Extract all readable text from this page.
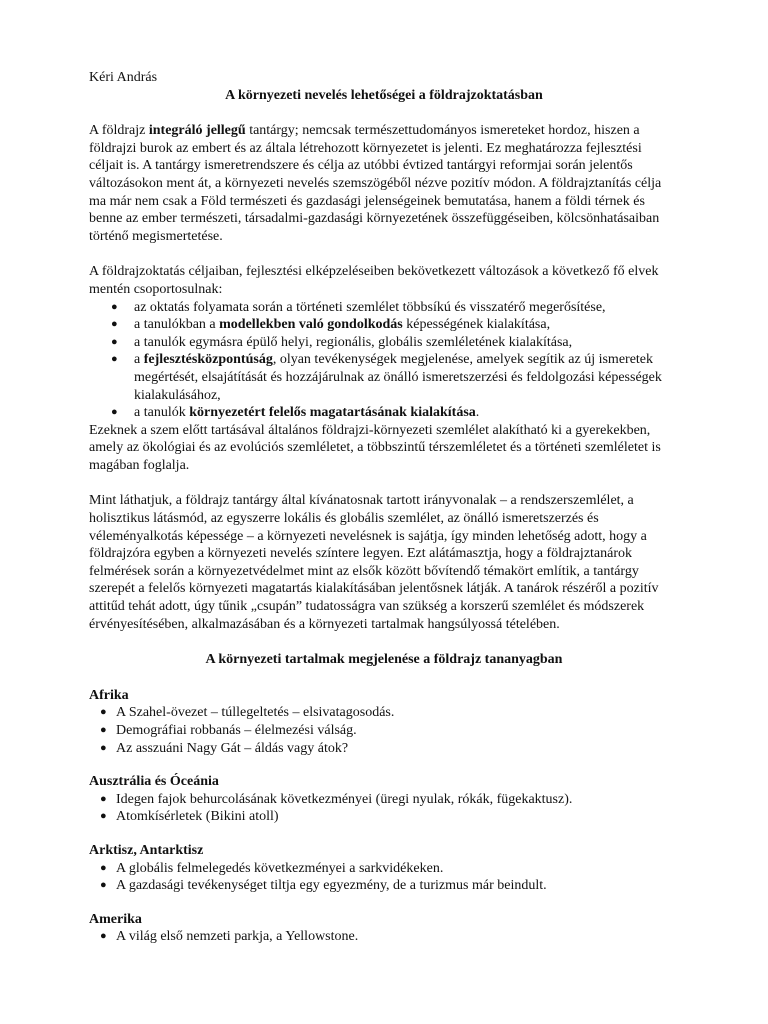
Kéri András

A környezeti nevelés lehetőségei a földrajzoktatásban

A földrajz integráló jellegű tantárgy; nemcsak természettudományos ismereteket hordoz, hiszen a földrajzi burok az embert és az általa létrehozott környezetet is jelenti. Ez meghatározza fejlesztési céljait is. A tantárgy ismeretrendszere és célja az utóbbi évtized tantárgyi reformjai során jelentős változásokon ment át, a környezeti nevelés szemszögéből nézve pozitív módon. A földrajztanítás célja ma már nem csak a Föld természeti és gazdasági jelenségeinek bemutatása, hanem a földi térnek és benne az ember természeti, társadalmi-gazdasági környezetének összefüggéseiben, kölcsönhatásaiban történő megismertetése.

A földrajzoktatás céljaiban, fejlesztési elképzeléseiben bekövetkezett változások a következő fő elvek mentén csoportosulnak:

● az oktatás folyamata során a történeti szemlélet többsíkú és visszatérő megerősítése,
● a tanulókban a modellekben való gondolkodás képességének kialakítása,
● a tanulók egymásra épülő helyi, regionális, globális szemléletének kialakítása,
● a fejlesztésközpontúság, olyan tevékenységek megjelenése, amelyek segítik az új ismeretek megértését, elsajátítását és hozzájárulnak az önálló ismeretszerzési és feldolgozási képességek kialakulásához,
● a tanulók környezetért felelős magatartásának kialakítása.

Ezeknek a szem előtt tartásával általános földrajzi-környezeti szemlélet alakítható ki a gyerekekben, amely az ökológiai és az evolúciós szemléletet, a többszintű térszemléletet és a történeti szemléletet is magában foglalja.

Mint láthatjuk, a földrajz tantárgy által kívánatosnak tartott irányvonalak – a rendszerszemlélet, a holisztikus látásmód, az egyszerre lokális és globális szemlélet, az önálló ismeretszerzés és véleményalkotás képessége – a környezeti nevelésnek is sajátja, így minden lehetőség adott, hogy a földrajzóra egyben a környezeti nevelés színtere legyen. Ezt alátámasztja, hogy a földrajztanárok felmérések során a környezetvédelmet mint az elsők között bővítendő témakört említik, a tantárgy szerepét a felelős környezeti magatartás kialakításában jelentősnek látják. A tanárok részéről a pozitív attitűd tehát adott, úgy tűnik „csupán” tudatosságra van szükség a korszerű szemlélet és módszerek érvényesítésében, alkalmazásában és a környezeti tartalmak hangsúlyossá tételében.

A környezeti tartalmak megjelenése a földrajz tananyagban
Afrika
● A Szahel-övezet – túllegeltetés – elsivatagosodás.
● Demográfiai robbanás – élelmezési válság.
● Az asszuáni Nagy Gát – áldás vagy átok?
Ausztrália és Óceánia
● Idegen fajok behurcolásának következményei (üregi nyulak, rókák, fügekaktusz).
● Atomkísérletek (Bikini atoll)
Arktisz, Antarktisz
● A globális felmelegedés következményei a sarkvidékeken.
● A gazdasági tevékenységet tiltja egy egyezmény, de a turizmus már beindult.
Amerika
● A világ első nemzeti parkja, a Yellowstone.
